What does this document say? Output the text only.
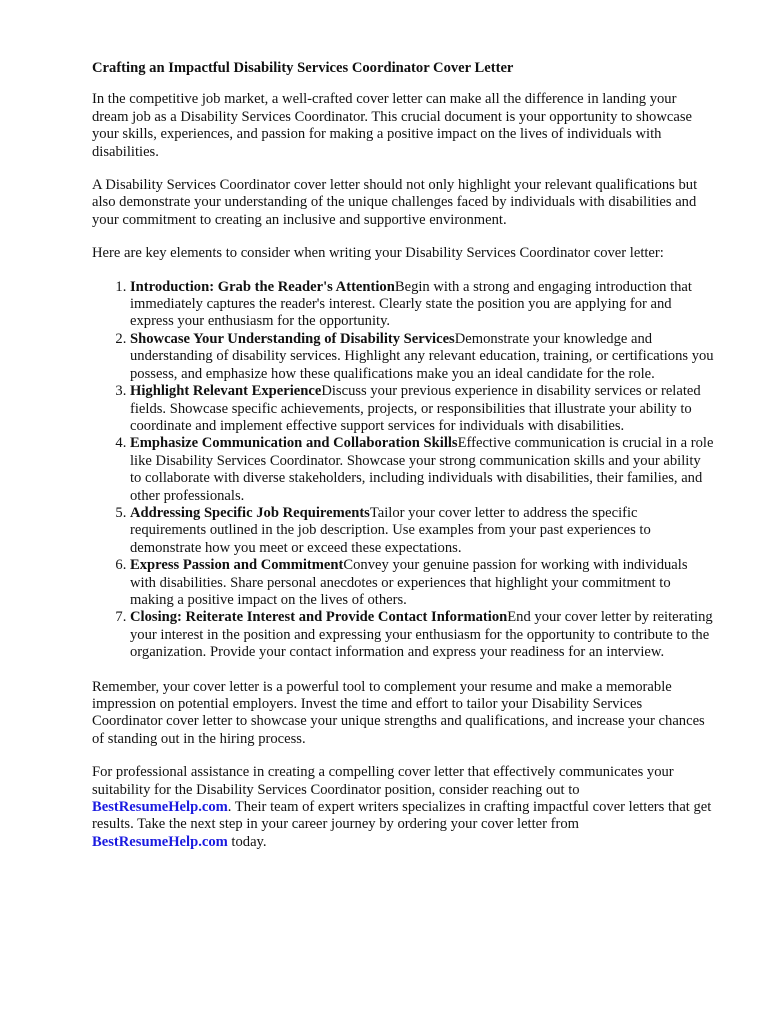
Crafting an Impactful Disability Services Coordinator Cover Letter

In the competitive job market, a well-crafted cover letter can make all the difference in landing your dream job as a Disability Services Coordinator. This crucial document is your opportunity to showcase your skills, experiences, and passion for making a positive impact on the lives of individuals with disabilities.

A Disability Services Coordinator cover letter should not only highlight your relevant qualifications but also demonstrate your understanding of the unique challenges faced by individuals with disabilities and your commitment to creating an inclusive and supportive environment.

Here are key elements to consider when writing your Disability Services Coordinator cover letter:

1. Introduction: Grab the Reader's AttentionBegin with a strong and engaging introduction that immediately captures the reader's interest. Clearly state the position you are applying for and express your enthusiasm for the opportunity.
2. Showcase Your Understanding of Disability ServicesDemonstrate your knowledge and understanding of disability services. Highlight any relevant education, training, or certifications you possess, and emphasize how these qualifications make you an ideal candidate for the role.
3. Highlight Relevant ExperienceDiscuss your previous experience in disability services or related fields. Showcase specific achievements, projects, or responsibilities that illustrate your ability to coordinate and implement effective support services for individuals with disabilities.
4. Emphasize Communication and Collaboration SkillsEffective communication is crucial in a role like Disability Services Coordinator. Showcase your strong communication skills and your ability to collaborate with diverse stakeholders, including individuals with disabilities, their families, and other professionals.
5. Addressing Specific Job RequirementsTailor your cover letter to address the specific requirements outlined in the job description. Use examples from your past experiences to demonstrate how you meet or exceed these expectations.
6. Express Passion and CommitmentConvey your genuine passion for working with individuals with disabilities. Share personal anecdotes or experiences that highlight your commitment to making a positive impact on the lives of others.
7. Closing: Reiterate Interest and Provide Contact InformationEnd your cover letter by reiterating your interest in the position and expressing your enthusiasm for the opportunity to contribute to the organization. Provide your contact information and express your readiness for an interview.

Remember, your cover letter is a powerful tool to complement your resume and make a memorable impression on potential employers. Invest the time and effort to tailor your Disability Services Coordinator cover letter to showcase your unique strengths and qualifications, and increase your chances of standing out in the hiring process.

For professional assistance in creating a compelling cover letter that effectively communicates your suitability for the Disability Services Coordinator position, consider reaching out to
BestResumeHelp.com. Their team of expert writers specializes in crafting impactful cover letters that get results. Take the next step in your career journey by ordering your cover letter from
BestResumeHelp.com today.
